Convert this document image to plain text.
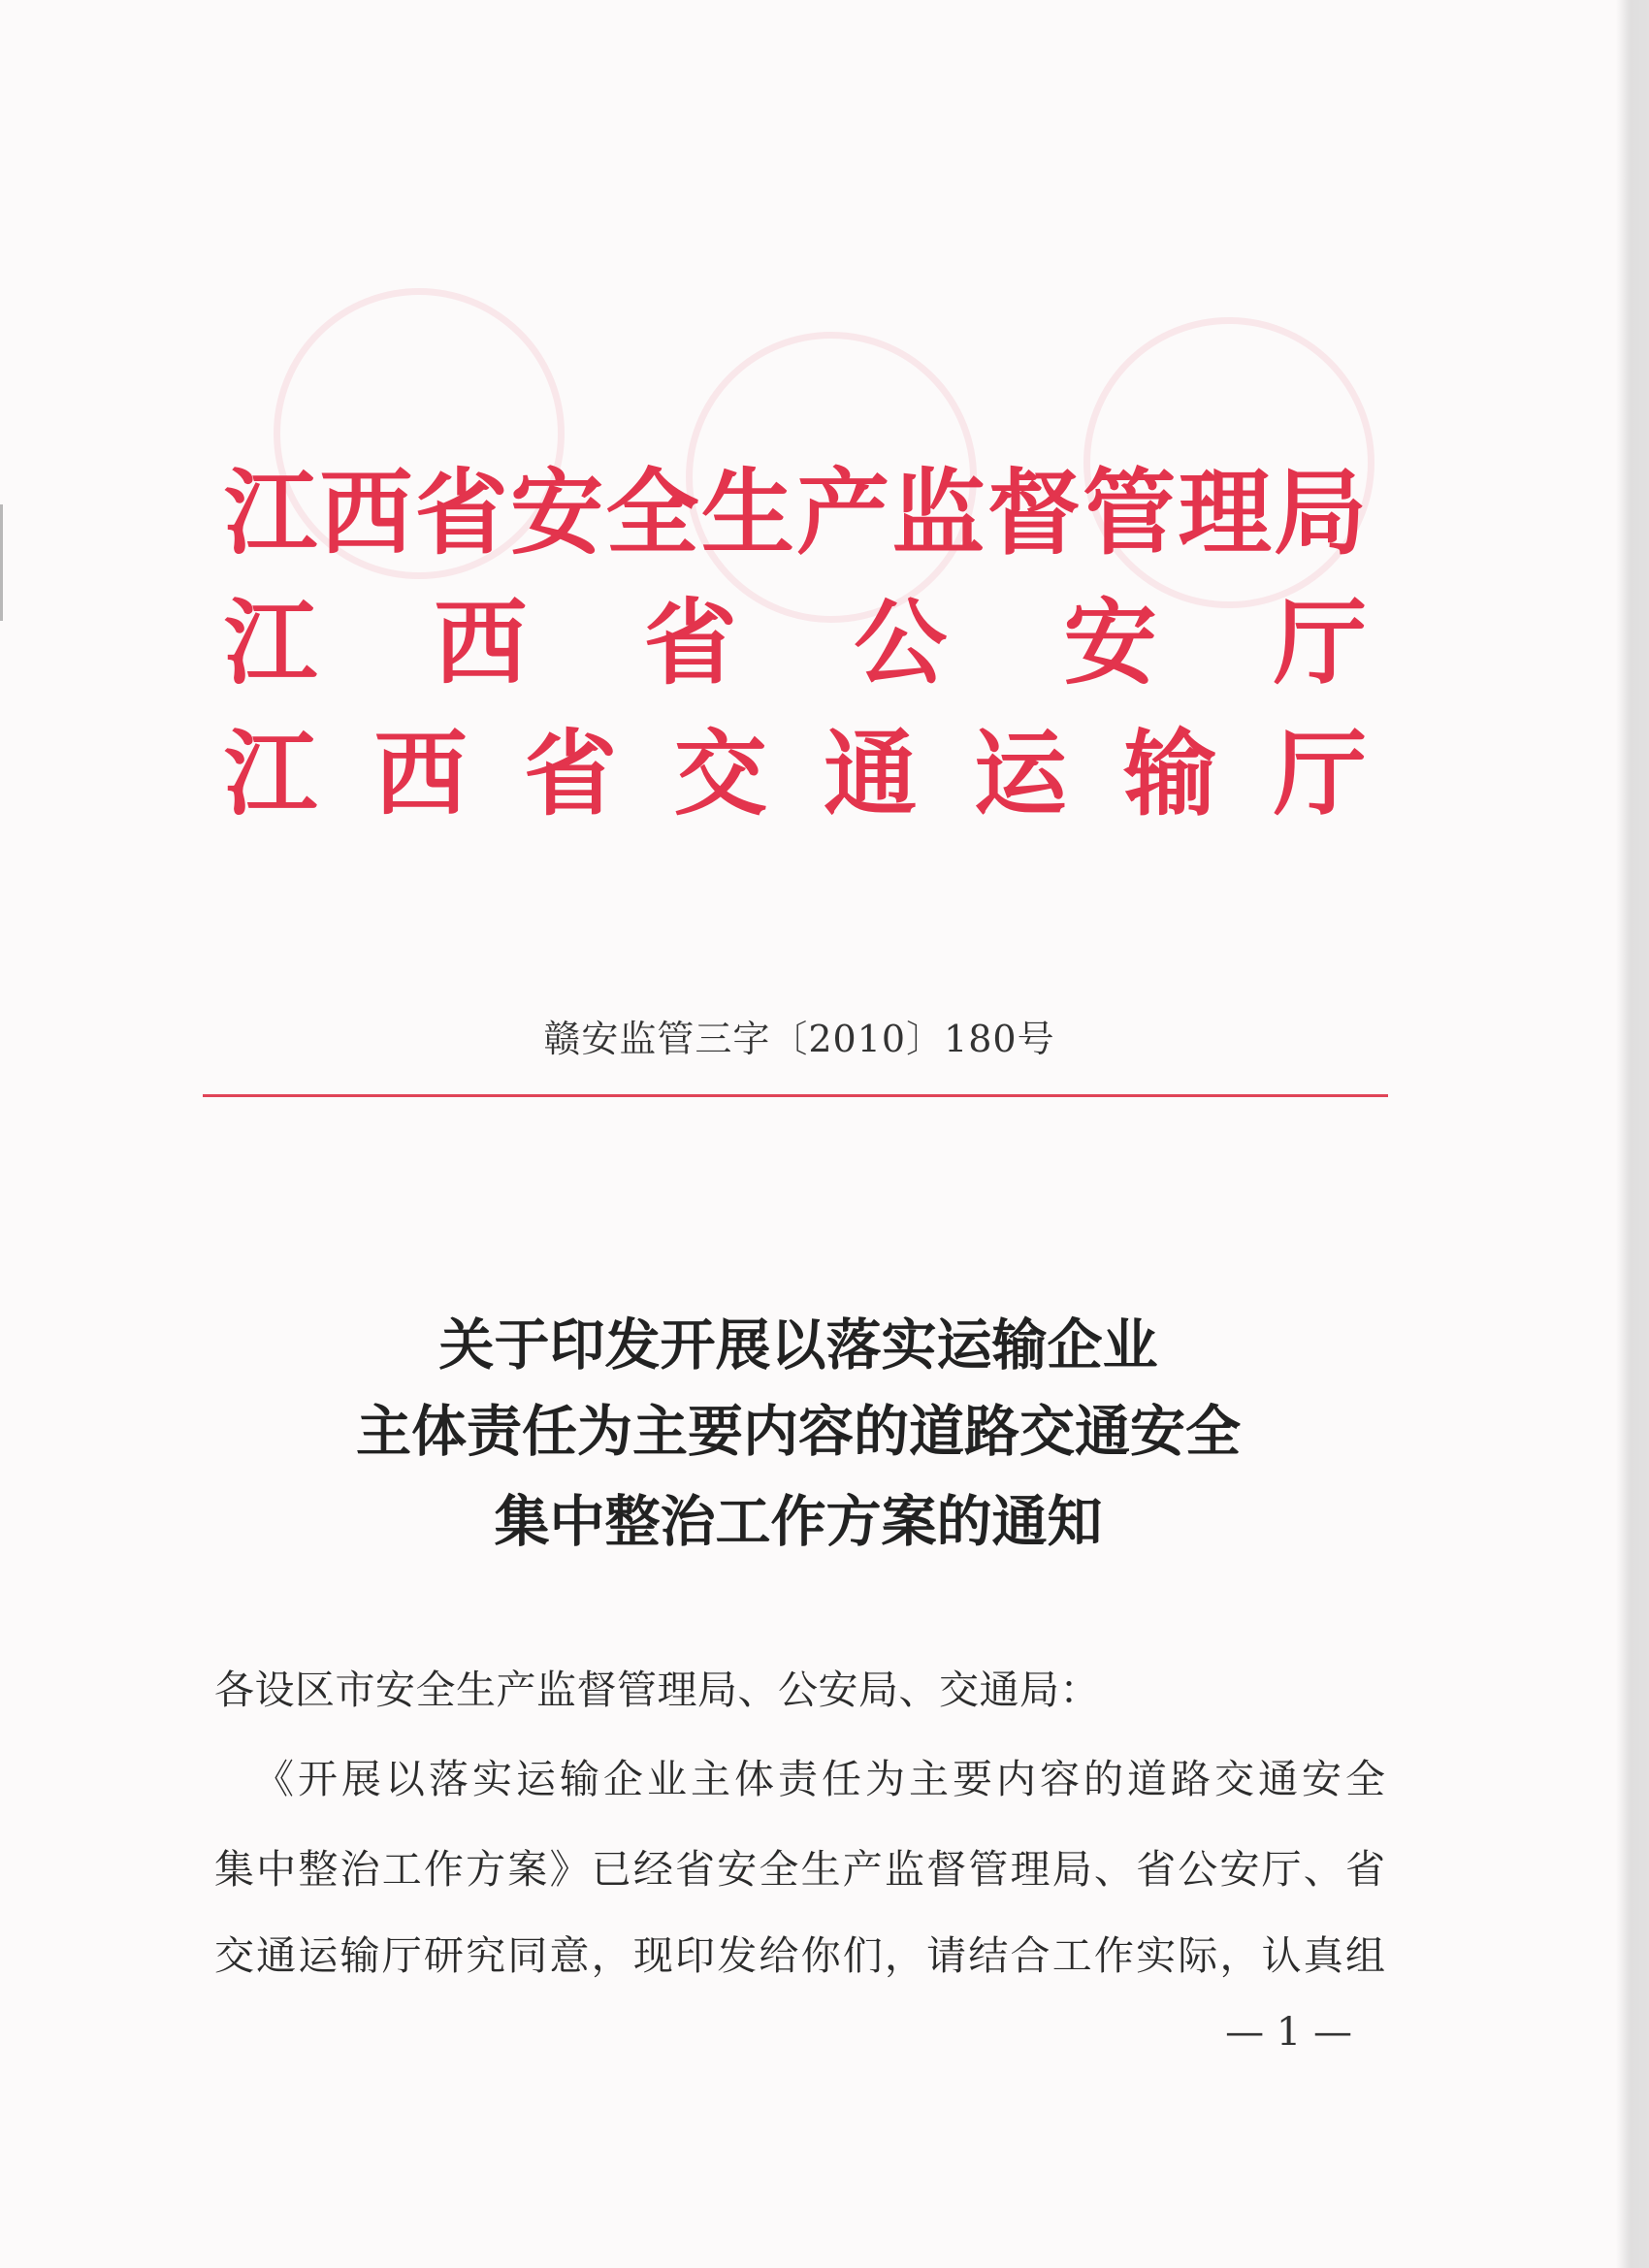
江西省安全生产监督管理局
江西省公安厅
江西省交通运输厅
赣安监管三字〔2010〕180号
关于印发开展以落实运输企业
主体责任为主要内容的道路交通安全
集中整治工作方案的通知
各设区市安全生产监督管理局、公安局、交通局：
《开展以落实运输企业主体责任为主要内容的道路交通安全
集中整治工作方案》已经省安全生产监督管理局、省公安厅、省
交通运输厅研究同意，现印发给你们，请结合工作实际，认真组
— 1 —
